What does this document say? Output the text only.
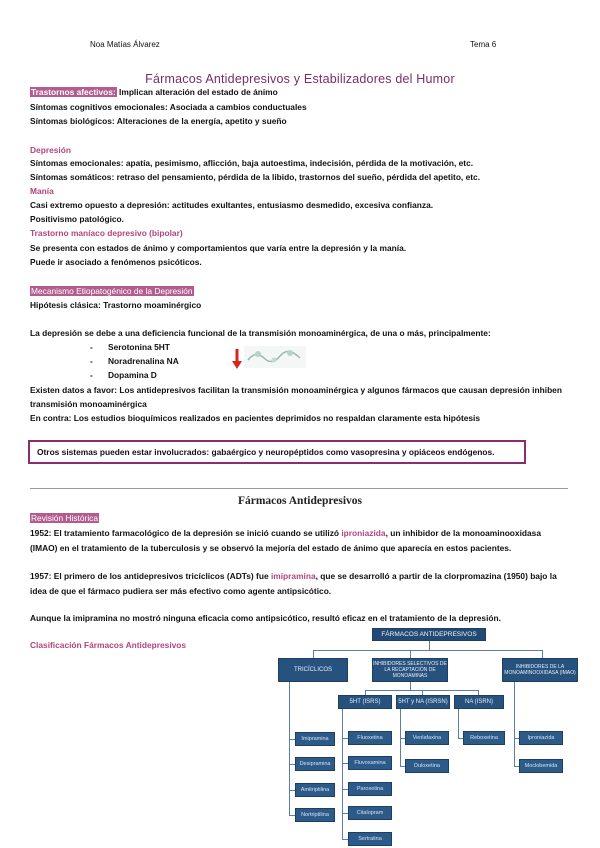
Noa Matías Álvarez	Tema 6
Fármacos Antidepresivos y Estabilizadores del Humor
Trastornos afectivos: Implican alteración del estado de ánimo
Síntomas cognitivos emocionales: Asociada a cambios conductuales
Síntomas biológicos: Alteraciones de la energía, apetito y sueño
Depresión
Síntomas emocionales: apatía, pesimismo, aflicción, baja autoestima, indecisión, pérdida de la motivación, etc.
Síntomas somáticos: retraso del pensamiento, pérdida de la libido, trastornos del sueño, pérdida del apetito, etc.
Manía
Casi extremo opuesto a depresión: actitudes exultantes, entusiasmo desmedido, excesiva confianza.
Positivismo patológico.
Trastorno maníaco depresivo (bipolar)
Se presenta con estados de ánimo y comportamientos que varía entre la depresión y la manía.
Puede ir asociado a fenómenos psicóticos.
Mecanismo Etiopatogénico de la Depresión
Hipótesis clásica: Trastorno moaminérgico
La depresión se debe a una deficiencia funcional de la transmisión monoaminérgica, de una o más, principalmente:
- Serotonina 5HT
- Noradrenalina NA
- Dopamina D
Existen datos a favor: Los antidepresivos facilitan la transmisión monoaminérgica y algunos fármacos que causan depresión inhiben
transmisión monoaminérgica
En contra: Los estudios bioquímicos realizados en pacientes deprimidos no respaldan claramente esta hipótesis
Otros sistemas pueden estar involucrados: gabaérgico y neuropéptidos como vasopresina y opiáceos endógenos.
Fármacos Antidepresivos
Revisión Histórica
1952: El tratamiento farmacológico de la depresión se inició cuando se utilizó iproniazida, un inhibidor de la monoaminooxidasa
(IMAO) en el tratamiento de la tuberculosis y se observó la mejoría del estado de ánimo que aparecía en estos pacientes.
1957: El primero de los antidepresivos tricíclicos (ADTs) fue imipramina, que se desarrolló a partir de la clorpromazina (1950) bajo la
idea de que el fármaco pudiera ser más efectivo como agente antipsicótico.
Aunque la imipramina no mostró ninguna eficacia como antipsicótico, resultó eficaz en el tratamiento de la depresión.
Clasificación Fármacos Antidepresivos
FÁRMACOS ANTIDEPRESIVOS
TRICÍCLICOS
INHIBIDORES SELECTIVOS DE LA RECAPTACIÓN DE MONOAMINAS
INHIBIDORES DE LA MONOAMINOOXIDASA (IMAO)
5HT (ISRS)	5HT y NA (ISRSN)	NA (ISRN)
Imipramina
Desipramina
Amitriptilina
Nortriptilina
Fluoxetina
Fluvoxamina
Paroxetina
Citalopram
Sertralina
Venlafaxina
Duloxetina
Reboxetina	Iproniazida
Moclobemida
